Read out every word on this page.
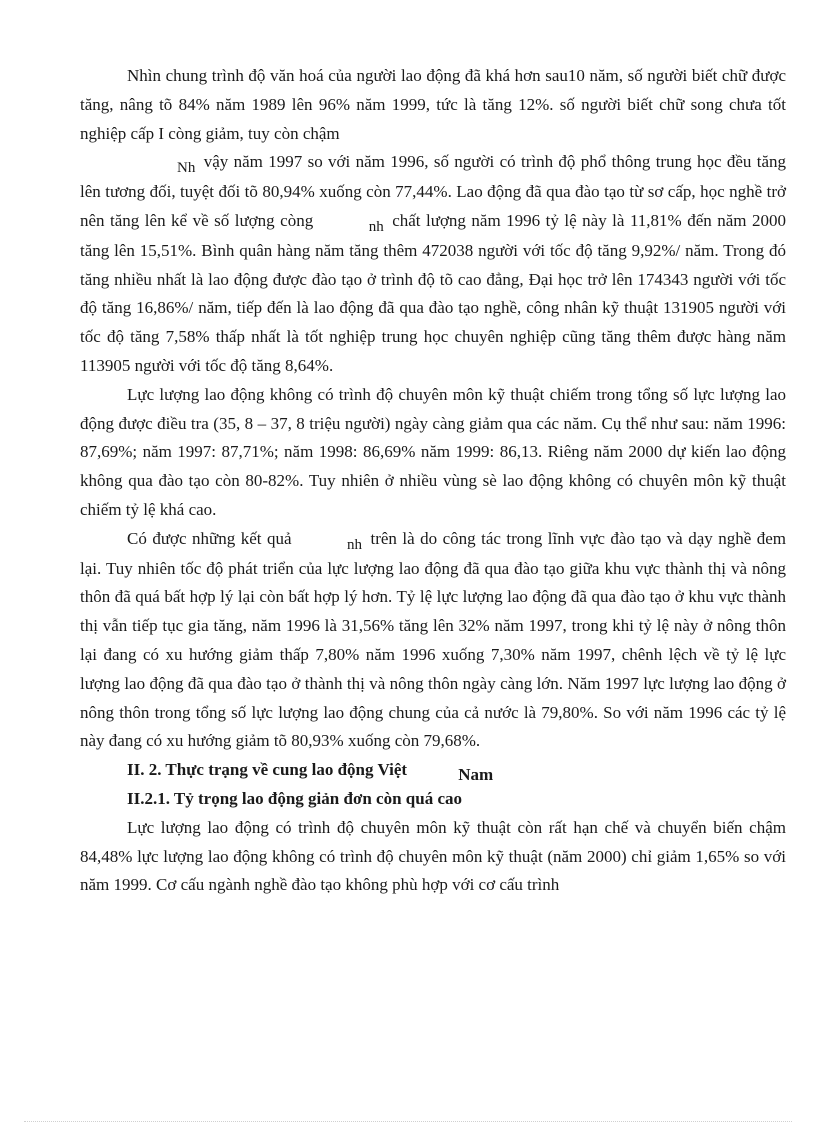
Nhìn chung trình độ văn hoá của người lao động đã khá hơn sau10 năm, số người biết chữ được tăng, nâng tõ 84% năm 1989 lên 96% năm 1999, tức là tăng 12%. số người biết chữ song chưa tốt nghiệp cấp I còng giảm, tuy còn chậm

Nh vậy năm 1997 so với năm 1996, số người có trình độ phổ thông trung học đều tăng lên tương đối, tuyệt đối tõ 80,94% xuống còn 77,44%. Lao động đã qua đào tạo từ sơ cấp, học nghề trở nên tăng lên kể về số lượng còng	nh chất lượng năm 1996 tỷ lệ này là 11,81% đến năm 2000 tăng lên 15,51%. Bình quân hàng năm tăng thêm 472038 người với tốc độ tăng 9,92%/ năm. Trong đó tăng nhiều nhất là lao động được đào tạo ở trình độ tõ cao đẳng, Đại học trở lên 174343 người với tốc độ tăng 16,86%/ năm, tiếp đến là lao động đã qua đào tạo nghề, công nhân kỹ thuật 131905 người với tốc độ tăng 7,58% thấp nhất là tốt nghiệp trung học chuyên nghiệp cũng tăng thêm được hàng năm 113905 người với tốc độ tăng 8,64%.

Lực lượng lao động không có trình độ chuyên môn kỹ thuật chiếm trong tổng số lực lượng lao động được điều tra (35, 8 – 37, 8 triệu người) ngày càng giảm qua các năm. Cụ thể như sau: năm 1996: 87,69%; năm 1997: 87,71%; năm 1998: 86,69% năm 1999: 86,13. Riêng năm 2000 dự kiến lao động không qua đào tạo còn 80-82%. Tuy nhiên ở nhiều vùng sè lao động không có chuyên môn kỹ thuật chiếm tỷ lệ khá cao.

Có được những kết quả	nh trên là do công tác trong lĩnh vực đào tạo và dạy nghề đem lại. Tuy nhiên tốc độ phát triển của lực lượng lao động đã qua đào tạo giữa khu vực thành thị và nông thôn đã quá bất hợp lý lại còn bất hợp lý hơn. Tỷ lệ lực lượng lao động đã qua đào tạo ở khu vực thành thị vẫn tiếp tục gia tăng, năm 1996 là 31,56% tăng lên 32% năm 1997, trong khi tỷ lệ này ở nông thôn lại đang có xu hướng giảm thấp 7,80% năm 1996 xuống 7,30% năm 1997, chênh lệch về tỷ lệ lực lượng lao động đã qua đào tạo ở thành thị và nông thôn ngày càng lớn. Năm 1997 lực lượng lao động ở nông thôn trong tổng số lực lượng lao động chung của cả nước là 79,80%. So với năm 1996 các tỷ lệ này đang có xu hướng giảm tõ 80,93% xuống còn 79,68%.

II. 2. Thực trạng về cung lao động Việt	Nam

II.2.1. Tỷ trọng lao động giản đơn còn quá cao

Lực lượng lao động có trình độ chuyên môn kỹ thuật còn rất hạn chế và chuyển biến chậm 84,48% lực lượng lao động không có trình độ chuyên môn kỹ thuật (năm 2000) chỉ giảm 1,65% so với năm 1999. Cơ cấu ngành nghề đào tạo không phù hợp với cơ cấu trình
